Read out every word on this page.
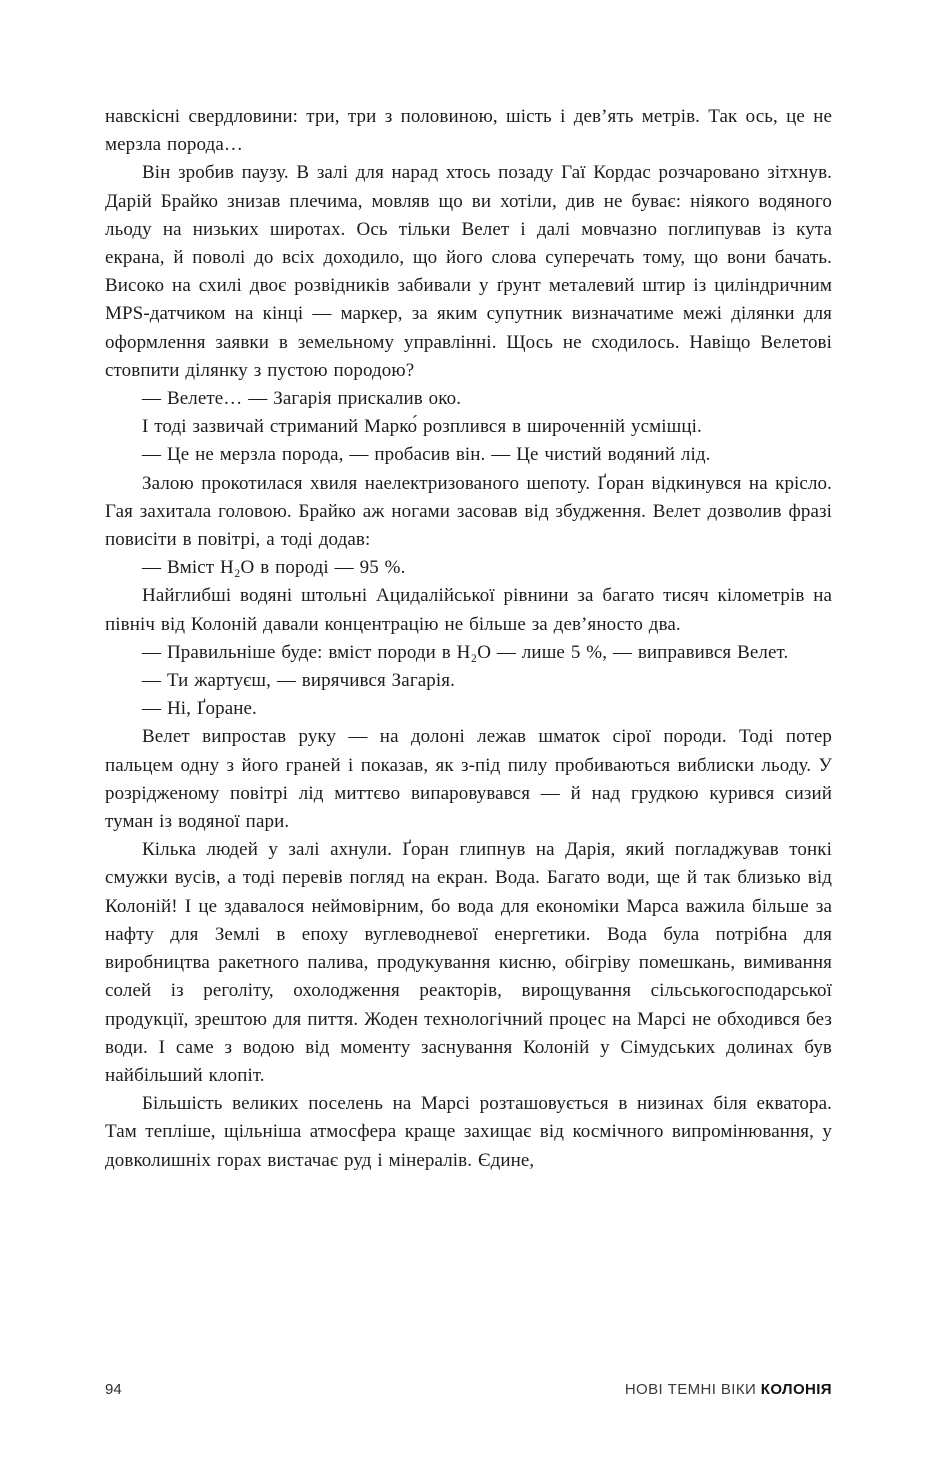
навскісні свердловини: три, три з половиною, шість і дев’ять метрів. Так ось, це не мерзла порода…

Він зробив паузу. В залі для нарад хтось позаду Гаї Кордас розчаровано зітхнув. Дарій Брайко знизав плечима, мовляв що ви хотіли, див не буває: ніякого водяного льоду на низьких широтах. Ось тільки Велет і далі мовчазно поглипував із кута екрана, й поволі до всіх доходило, що його слова суперечать тому, що вони бачать. Високо на схилі двоє розвідників забивали у ґрунт металевий штир із циліндричним MPS-датчиком на кінці — маркер, за яким супутник визначатиме межі ділянки для оформлення заявки в земельному управлінні. Щось не сходилось. Навіщо Велетові стовпити ділянку з пустою породою?

— Велете… — Загарія прискалив око.

І тоді зазвичай стриманий Марко́ розплився в широченній усмішці.

— Це не мерзла порода, — пробасив він. — Це чистий водяний лід.

Залою прокотилася хвиля наелектризованого шепоту. Ґоран відкинувся на крісло. Гая захитала головою. Брайко аж ногами засовав від збудження. Велет дозволив фразі повисіти в повітрі, а тоді додав:

— Вміст H₂O в породі — 95 %.

Найглибші водяні штольні Ацидалійської рівнини за багато тисяч кілометрів на північ від Колоній давали концентрацію не більше за дев’яносто два.

— Правильніше буде: вміст породи в H₂O — лише 5 %, — виправився Велет.

— Ти жартуєш, — вирячився Загарія.

— Ні, Ґоране.

Велет випростав руку — на долоні лежав шматок сірої породи. Тоді потер пальцем одну з його граней і показав, як з-під пилу пробиваються виблиски льоду. У розрідженому повітрі лід миттєво випаровувався — й над грудкою курився сизий туман із водяної пари.

Кілька людей у залі ахнули. Ґоран глипнув на Дарія, який погладжував тонкі смужки вусів, а тоді перевів погляд на екран. Вода. Багато води, ще й так близько від Колоній! І це здавалося неймовірним, бо вода для економіки Марса важила більше за нафту для Землі в епоху вуглеводневої енергетики. Вода була потрібна для виробництва ракетного палива, продукування кисню, обігріву помешкань, вимивання солей із реголіту, охолодження реакторів, вирощування сільськогосподарської продукції, зрештою для пиття. Жоден технологічний процес на Марсі не обходився без води. І саме з водою від моменту заснування Колоній у Сімудських долинах був найбільший клопіт.

Більшість великих поселень на Марсі розташовується в низинах біля екватора. Там тепліше, щільніша атмосфера краще захищає від космічного випромінювання, у довколишніх горах вистачає руд і мінералів. Єдине,

94	НОВІ ТЕМНІ ВІКИ КОЛОНІЯ
